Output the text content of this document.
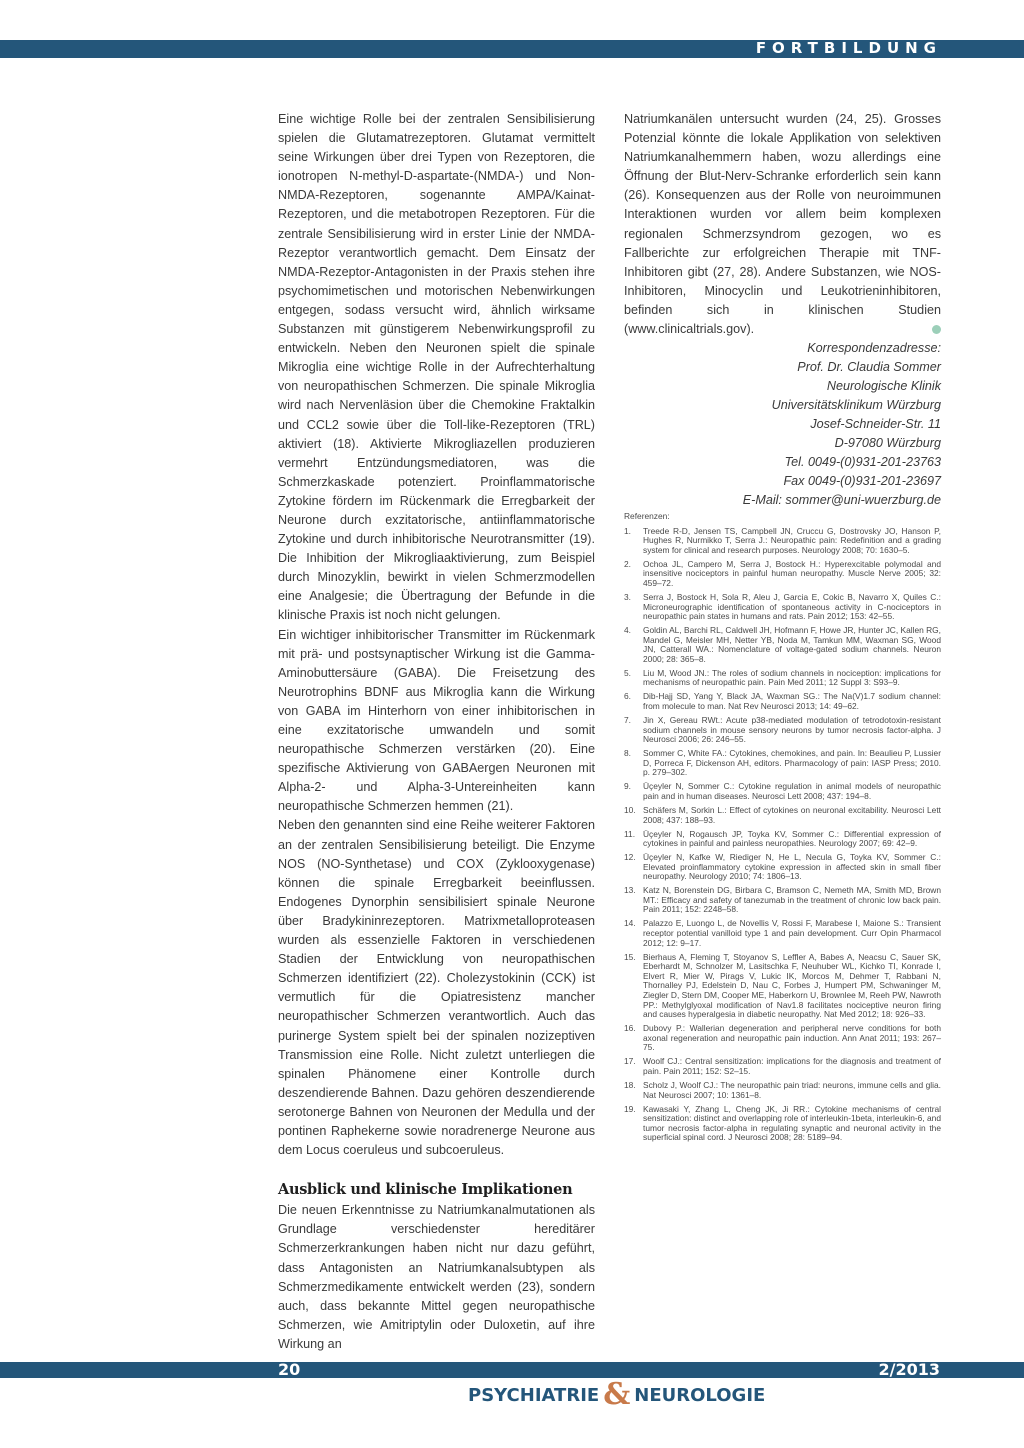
FORTBILDUNG

Eine wichtige Rolle bei der zentralen Sensibilisierung spielen die Glutamatrezeptoren. Glutamat vermittelt seine Wirkungen über drei Typen von Rezeptoren, die ionotropen N-methyl-D-aspartate-(NMDA-) und Non-NMDA-Rezeptoren, sogenannte AMPA/Kainat-Rezeptoren, und die metabotropen Rezeptoren. Für die zentrale Sensibilisierung wird in erster Linie der NMDA-Rezeptor verantwortlich gemacht. Dem Einsatz der NMDA-Rezeptor-Antagonisten in der Praxis stehen ihre psychomimetischen und motorischen Nebenwirkungen entgegen, sodass versucht wird, ähnlich wirksame Substanzen mit günstigerem Nebenwirkungsprofil zu entwickeln. Neben den Neuronen spielt die spinale Mikroglia eine wichtige Rolle in der Aufrechterhaltung von neuropathischen Schmerzen. Die spinale Mikroglia wird nach Nervenläsion über die Chemokine Fraktalkin und CCL2 sowie über die Toll-like-Rezeptoren (TRL) aktiviert (18). Aktivierte Mikrogliazellen produzieren vermehrt Entzündungsmediatoren, was die Schmerzkaskade potenziert. Proinflammatorische Zytokine fördern im Rückenmark die Erregbarkeit der Neurone durch exzitatorische, antiinflammatorische Zytokine und durch inhibitorische Neurotransmitter (19). Die Inhibition der Mikrogliaaktivierung, zum Beispiel durch Minozyklin, bewirkt in vielen Schmerzmodellen eine Analgesie; die Übertragung der Befunde in die klinische Praxis ist noch nicht gelungen.

Ein wichtiger inhibitorischer Transmitter im Rückenmark mit prä- und postsynaptischer Wirkung ist die Gamma-Aminobuttersäure (GABA). Die Freisetzung des Neurotrophins BDNF aus Mikroglia kann die Wirkung von GABA im Hinterhorn von einer inhibitorischen in eine exzitatorische umwandeln und somit neuropathische Schmerzen verstärken (20). Eine spezifische Aktivierung von GABAergen Neuronen mit Alpha-2- und Alpha-3-Untereinheiten kann neuropathische Schmerzen hemmen (21).

Neben den genannten sind eine Reihe weiterer Faktoren an der zentralen Sensibilisierung beteiligt. Die Enzyme NOS (NO-Synthetase) und COX (Zyklooxygenase) können die spinale Erregbarkeit beeinflussen. Endogenes Dynorphin sensibilisiert spinale Neurone über Bradykininrezeptoren. Matrixmetalloproteasen wurden als essenzielle Faktoren in verschiedenen Stadien der Entwicklung von neuropathischen Schmerzen identifiziert (22). Cholezystokinin (CCK) ist vermutlich für die Opiatresistenz mancher neuropathischer Schmerzen verantwortlich. Auch das purinerge System spielt bei der spinalen nozizeptiven Transmission eine Rolle. Nicht zuletzt unterliegen die spinalen Phänomene einer Kontrolle durch deszendierende Bahnen. Dazu gehören deszendierende serotonerge Bahnen von Neuronen der Medulla und der pontinen Raphekerne sowie noradrenerge Neurone aus dem Locus coeruleus und subcoeruleus.

Ausblick und klinische Implikationen

Die neuen Erkenntnisse zu Natriumkanalmutationen als Grundlage verschiedenster hereditärer Schmerzerkrankungen haben nicht nur dazu geführt, dass Antagonisten an Natriumkanalsubtypen als Schmerzmedikamente entwickelt werden (23), sondern auch, dass bekannte Mittel gegen neuropathische Schmerzen, wie Amitriptylin oder Duloxetin, auf ihre Wirkung an

Natriumkanälen untersucht wurden (24, 25). Grosses Potenzial könnte die lokale Applikation von selektiven Natriumkanalhemmern haben, wozu allerdings eine Öffnung der Blut-Nerv-Schranke erforderlich sein kann (26). Konsequenzen aus der Rolle von neuroimmunen Interaktionen wurden vor allem beim komplexen regionalen Schmerzsyndrom gezogen, wo es Fallberichte zur erfolgreichen Therapie mit TNF-Inhibitoren gibt (27, 28). Andere Substanzen, wie NOS-Inhibitoren, Minocyclin und Leukotrieninhibitoren, befinden sich in klinischen Studien (www.clinicaltrials.gov).

Korrespondenzadresse:
Prof. Dr. Claudia Sommer
Neurologische Klinik
Universitätsklinikum Würzburg
Josef-Schneider-Str. 11
D-97080 Würzburg
Tel. 0049-(0)931-201-23763
Fax 0049-(0)931-201-23697
E-Mail: sommer@uni-wuerzburg.de
Referenzen:
1. Treede R-D, Jensen TS, Campbell JN, Cruccu G, Dostrovsky JO, Hanson P, Hughes R, Nurmikko T, Serra J.: Neuropathic pain: Redefinition and a grading system for clinical and research purposes. Neurology 2008; 70: 1630–5.
2. Ochoa JL, Campero M, Serra J, Bostock H.: Hyperexcitable polymodal and insensitive nociceptors in painful human neuropathy. Muscle Nerve 2005; 32: 459–72.
3. Serra J, Bostock H, Sola R, Aleu J, Garcia E, Cokic B, Navarro X, Quiles C.: Microneurographic identification of spontaneous activity in C-nociceptors in neuropathic pain states in humans and rats. Pain 2012; 153: 42–55.
4. Goldin AL, Barchi RL, Caldwell JH, Hofmann F, Howe JR, Hunter JC, Kallen RG, Mandel G, Meisler MH, Netter YB, Noda M, Tamkun MM, Waxman SG, Wood JN, Catterall WA.: Nomenclature of voltage-gated sodium channels. Neuron 2000; 28: 365–8.
5. Liu M, Wood JN.: The roles of sodium channels in nociception: implications for mechanisms of neuropathic pain. Pain Med 2011; 12 Suppl 3: S93–9.
6. Dib-Hajj SD, Yang Y, Black JA, Waxman SG.: The Na(V)1.7 sodium channel: from molecule to man. Nat Rev Neurosci 2013; 14: 49–62.
7. Jin X, Gereau RWt.: Acute p38-mediated modulation of tetrodotoxin-resistant sodium channels in mouse sensory neurons by tumor necrosis factor-alpha. J Neurosci 2006; 26: 246–55.
8. Sommer C, White FA.: Cytokines, chemokines, and pain. In: Beaulieu P, Lussier D, Porreca F, Dickenson AH, editors. Pharmacology of pain: IASP Press; 2010. p. 279–302.
9. Üçeyler N, Sommer C.: Cytokine regulation in animal models of neuropathic pain and in human diseases. Neurosci Lett 2008; 437: 194–8.
10. Schäfers M, Sorkin L.: Effect of cytokines on neuronal excitability. Neurosci Lett 2008; 437: 188–93.
11. Üçeyler N, Rogausch JP, Toyka KV, Sommer C.: Differential expression of cytokines in painful and painless neuropathies. Neurology 2007; 69: 42–9.
12. Üçeyler N, Kafke W, Riediger N, He L, Necula G, Toyka KV, Sommer C.: Elevated proinflammatory cytokine expression in affected skin in small fiber neuropathy. Neurology 2010; 74: 1806–13.
13. Katz N, Borenstein DG, Birbara C, Bramson C, Nemeth MA, Smith MD, Brown MT.: Efficacy and safety of tanezumab in the treatment of chronic low back pain. Pain 2011; 152: 2248–58.
14. Palazzo E, Luongo L, de Novellis V, Rossi F, Marabese I, Maione S.: Transient receptor potential vanilloid type 1 and pain development. Curr Opin Pharmacol 2012; 12: 9–17.
15. Bierhaus A, Fleming T, Stoyanov S, Leffler A, Babes A, Neacsu C, Sauer SK, Eberhardt M, Schnolzer M, Lasitschka F, Neuhuber WL, Kichko TI, Konrade I, Elvert R, Mier W, Pirags V, Lukic IK, Morcos M, Dehmer T, Rabbani N, Thornalley PJ, Edelstein D, Nau C, Forbes J, Humpert PM, Schwaninger M, Ziegler D, Stern DM, Cooper ME, Haberkorn U, Brownlee M, Reeh PW, Nawroth PP.: Methylglyoxal modification of Nav1.8 facilitates nociceptive neuron firing and causes hyperalgesia in diabetic neuropathy. Nat Med 2012; 18: 926–33.
16. Dubovy P.: Wallerian degeneration and peripheral nerve conditions for both axonal regeneration and neuropathic pain induction. Ann Anat 2011; 193: 267–75.
17. Woolf CJ.: Central sensitization: implications for the diagnosis and treatment of pain. Pain 2011; 152: S2–15.
18. Scholz J, Woolf CJ.: The neuropathic pain triad: neurons, immune cells and glia. Nat Neurosci 2007; 10: 1361–8.
19. Kawasaki Y, Zhang L, Cheng JK, Ji RR.: Cytokine mechanisms of central sensitization: distinct and overlapping role of interleukin-1beta, interleukin-6, and tumor necrosis factor-alpha in regulating synaptic and neuronal activity in the superficial spinal cord. J Neurosci 2008; 28: 5189–94.
20	2/2013
PSYCHIATRIE & NEUROLOGIE
